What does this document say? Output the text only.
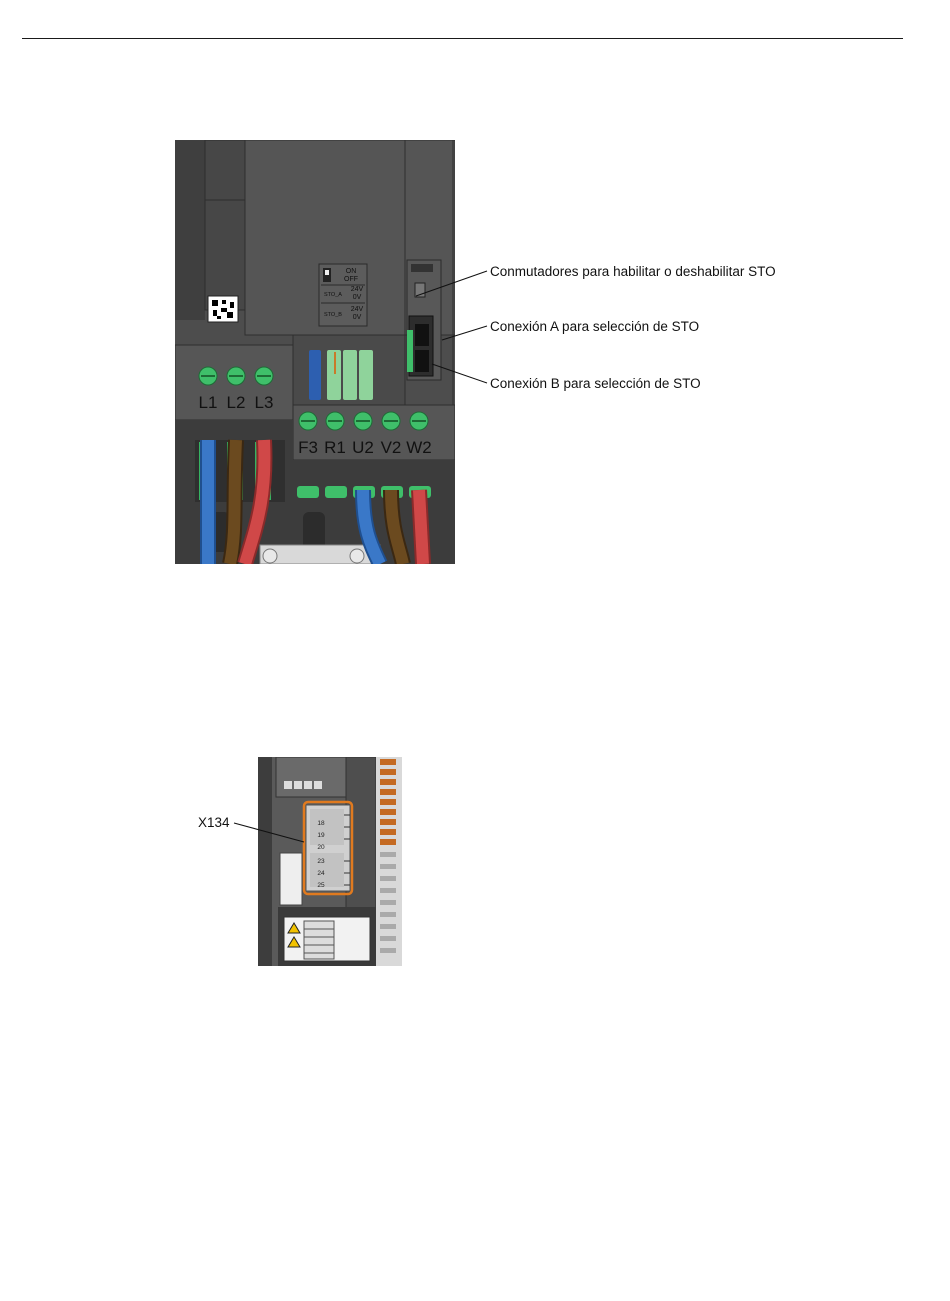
ON
OFF
STO_A
24V
0V
STO_B
24V
0V
L1 L2 L3
F3 R1 U2 V2 W2
Conmutadores para habilitar o deshabilitar STO
Conexión A para selección de STO
Conexión B para selección de STO
18
19
20
23
24
25
X134
